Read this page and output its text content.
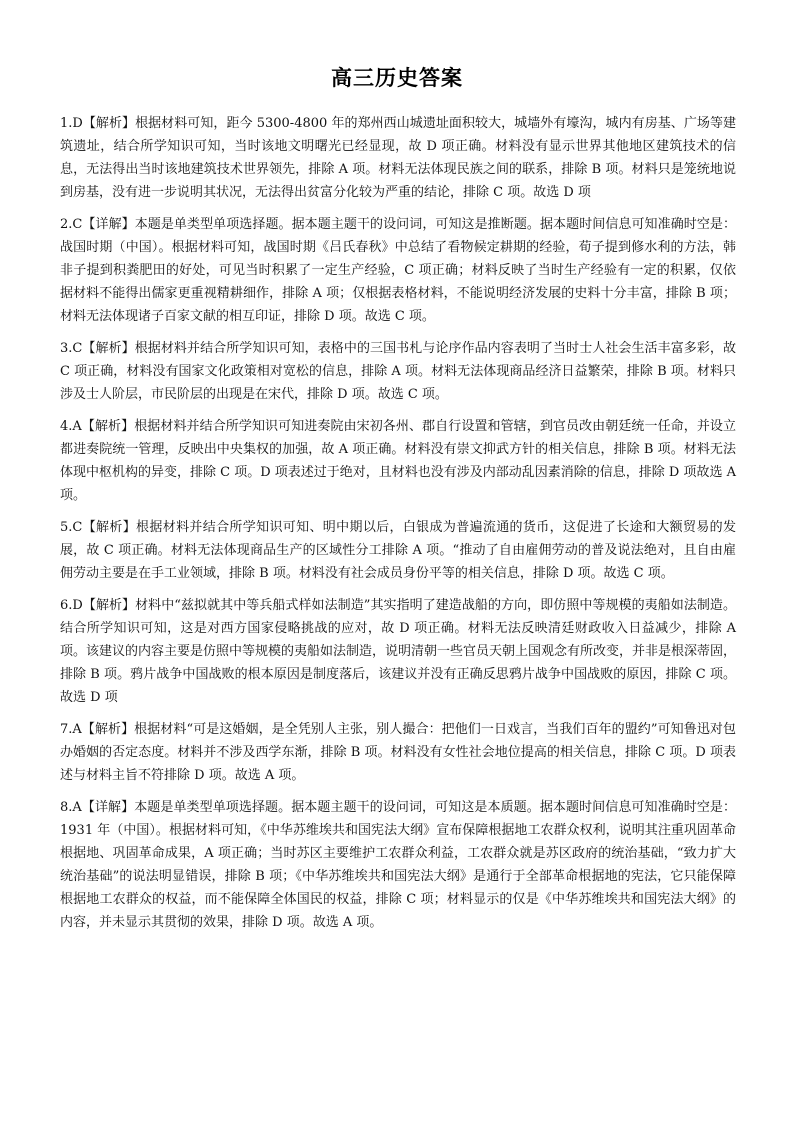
高三历史答案

1.D【解析】根据材料可知，距今 5300-4800 年的郑州西山城遗址面积较大，城墙外有壕沟，城内有房基、广场等建筑遗址，结合所学知识可知，当时该地文明曙光已经显现，故 D 项正确。材料没有显示世界其他地区建筑技术的信息，无法得出当时该地建筑技术世界领先，排除 A 项。材料无法体现民族之间的联系，排除 B 项。材料只是笼统地说到房基，没有进一步说明其状况，无法得出贫富分化较为严重的结论，排除 C 项。故选 D 项

2.C【详解】本题是单类型单项选择题。据本题主题干的设问词，可知这是推断题。据本题时间信息可知准确时空是：战国时期（中国）。根据材料可知，战国时期《吕氏春秋》中总结了看物候定耕期的经验，荀子提到修水利的方法，韩非子提到积粪肥田的好处，可见当时积累了一定生产经验，C 项正确；材料反映了当时生产经验有一定的积累，仅依据材料不能得出儒家更重视精耕细作，排除 A 项；仅根据表格材料，不能说明经济发展的史料十分丰富，排除 B 项；材料无法体现诸子百家文献的相互印证，排除 D 项。故选 C 项。

3.C【解析】根据材料并结合所学知识可知，表格中的三国书札与论序作品内容表明了当时士人社会生活丰富多彩，故 C 项正确，材料没有国家文化政策相对宽松的信息，排除 A 项。材料无法体现商品经济日益繁荣，排除 B 项。材料只涉及士人阶层，市民阶层的出现是在宋代，排除 D 项。故选 C 项。

4.A【解析】根据材料并结合所学知识可知进奏院由宋初各州、郡自行设置和管辖，到官员改由朝廷统一任命，并设立都进奏院统一管理，反映出中央集权的加强，故 A 项正确。材料没有崇文抑武方针的相关信息，排除 B 项。材料无法体现中枢机构的异变，排除 C 项。D 项表述过于绝对，且材料也没有涉及内部动乱因素消除的信息，排除 D 项故选 A 项。

5.C【解析】根据材料并结合所学知识可知、明中期以后，白银成为普遍流通的货币，这促进了长途和大额贸易的发展，故 C 项正确。材料无法体现商品生产的区域性分工排除 A 项。“推动了自由雇佣劳动的普及说法绝对，且自由雇佣劳动主要是在手工业领域，排除 B 项。材料没有社会成员身份平等的相关信息，排除 D 项。故选 C 项。

6.D【解析】材料中“兹拟就其中等兵船式样如法制造”其实指明了建造战船的方向，即仿照中等规模的夷船如法制造。结合所学知识可知，这是对西方国家侵略挑战的应对，故 D 项正确。材料无法反映清廷财政收入日益减少，排除 A 项。该建议的内容主要是仿照中等规模的夷船如法制造，说明清朝一些官员天朝上国观念有所改变，并非是根深蒂固，排除 B 项。鸦片战争中国战败的根本原因是制度落后，该建议并没有正确反思鸦片战争中国战败的原因，排除 C 项。故选 D 项

7.A【解析】根据材料“可是这婚姻，是全凭别人主张，别人撮合：把他们一日戏言，当我们百年的盟约”可知鲁迅对包办婚姻的否定态度。材料并不涉及西学东渐，排除 B 项。材料没有女性社会地位提高的相关信息，排除 C 项。D 项表述与材料主旨不符排除 D 项。故选 A 项。

8.A【详解】本题是单类型单项选择题。据本题主题干的设问词，可知这是本质题。据本题时间信息可知准确时空是：1931 年（中国）。根据材料可知，《中华苏维埃共和国宪法大纲》宣布保障根据地工农群众权利，说明其注重巩固革命根据地、巩固革命成果，A 项正确；当时苏区主要维护工农群众利益，工农群众就是苏区政府的统治基础，“致力扩大统治基础”的说法明显错误，排除 B 项；《中华苏维埃共和国宪法大纲》是通行于全部革命根据地的宪法，它只能保障根据地工农群众的权益，而不能保障全体国民的权益，排除 C 项；材料显示的仅是《中华苏维埃共和国宪法大纲》的内容，并未显示其贯彻的效果，排除 D 项。故选 A 项。
